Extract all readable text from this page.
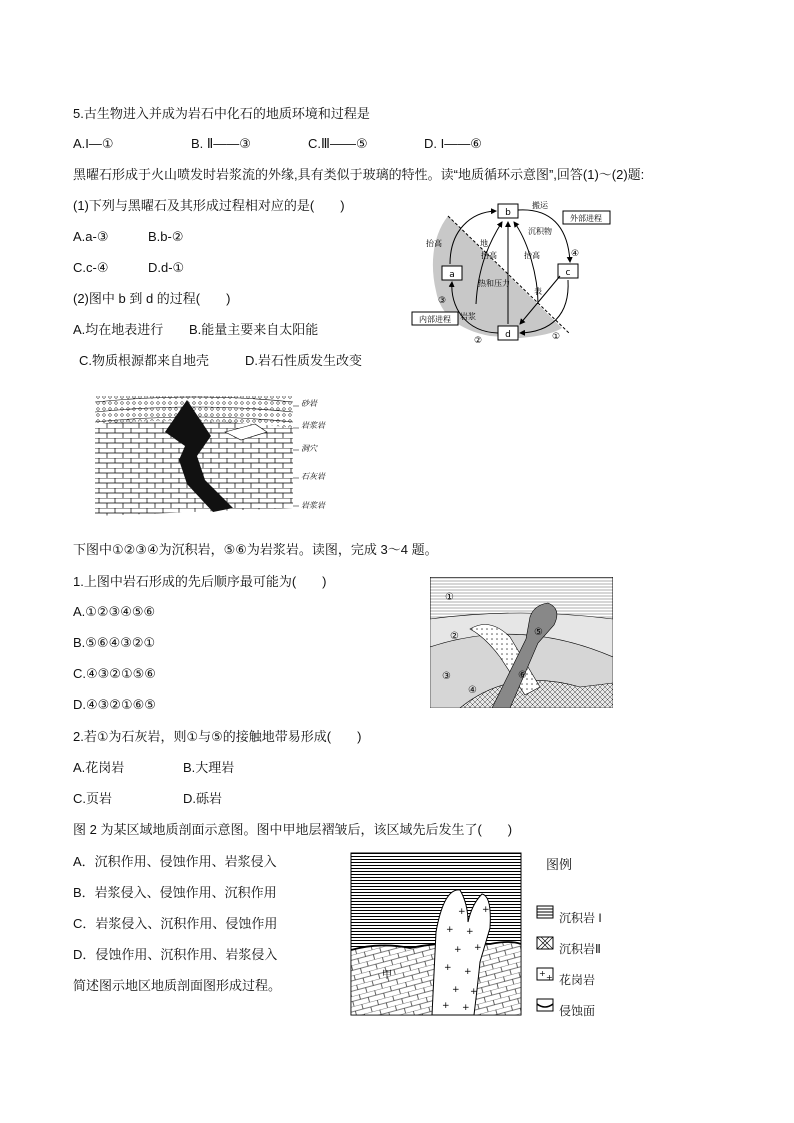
5.古生物进入并成为岩石中化石的地质环境和过程是
A.I—①	B. Ⅱ——③	C.Ⅲ——⑤	D. I——⑥
黑曜石形成于火山喷发时岩浆流的外缘,具有类似于玻璃的特性。读“地质循环示意图”,回答(1)～(2)题:
(1)下列与黑曜石及其形成过程相对应的是(　　)
A.a-③	B.b-②
C.c-④	D.d-①
(2)图中 b 到 d 的过程(　　)
A.均在地表进行 B.能量主要来自太阳能
C.物质根源都来自地壳	D.岩石性质发生改变
b
a	c
d
搬运
沉积物
外部进程
抬高
抬高	地
抬高
热和压力
表
岩浆
内部进程
①
②
③
④
砂岩
岩浆岩
洞穴
石灰岩
岩浆岩
下图中①②③④为沉积岩，⑤⑥为岩浆岩。读图，完成 3～4 题。
1.上图中岩石形成的先后顺序最可能为(　　)
A.①②③④⑤⑥
B.⑤⑥④③②①
C.④③②①⑤⑥
D.④③②①⑥⑤
2.若①为石灰岩，则①与⑤的接触地带易形成(　　)
A.花岗岩	B.大理岩
C.页岩	D.砾岩
①
②
③
④
⑤
⑥
图 2 为某区域地质剖面示意图。图中甲地层褶皱后，该区域先后发生了(　　)
A．沉积作用、侵蚀作用、岩浆侵入
B．岩浆侵入、侵蚀作用、沉积作用
C．岩浆侵入、沉积作用、侵蚀作用
D．侵蚀作用、沉积作用、岩浆侵入
简述图示地区地质剖面图形成过程。
+ +
+ +
+ +
+ +
+ +
+ +
甲
图例
沉积岩 I
沉积岩Ⅱ
+ + 花岗岩
侵蚀面
